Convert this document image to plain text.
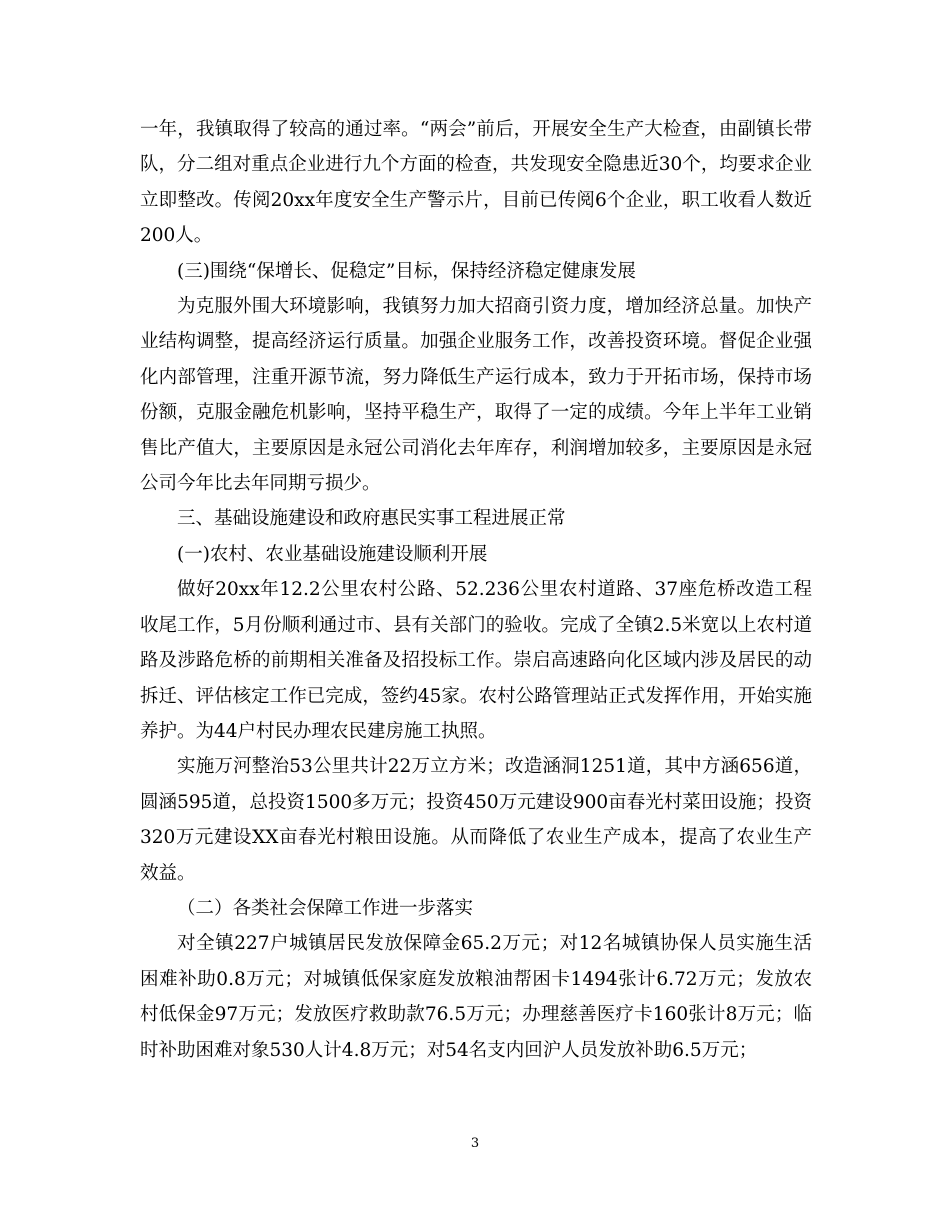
一年，我镇取得了较高的通过率。“两会”前后，开展安全生产大检查，由副镇长带队，分二组对重点企业进行九个方面的检查，共发现安全隐患近30个，均要求企业立即整改。传阅20xx年度安全生产警示片，目前已传阅6个企业，职工收看人数近200人。

(三)围绕“保增长、促稳定”目标，保持经济稳定健康发展

为克服外围大环境影响，我镇努力加大招商引资力度，增加经济总量。加快产业结构调整，提高经济运行质量。加强企业服务工作，改善投资环境。督促企业强化内部管理，注重开源节流，努力降低生产运行成本，致力于开拓市场，保持市场份额，克服金融危机影响，坚持平稳生产，取得了一定的成绩。今年上半年工业销售比产值大，主要原因是永冠公司消化去年库存，利润增加较多，主要原因是永冠公司今年比去年同期亏损少。

三、基础设施建设和政府惠民实事工程进展正常

(一)农村、农业基础设施建设顺利开展

做好20xx年12.2公里农村公路、52.236公里农村道路、37座危桥改造工程收尾工作，5月份顺利通过市、县有关部门的验收。完成了全镇2.5米宽以上农村道路及涉路危桥的前期相关准备及招投标工作。崇启高速路向化区域内涉及居民的动拆迁、评估核定工作已完成，签约45家。农村公路管理站正式发挥作用，开始实施养护。为44户村民办理农民建房施工执照。

实施万河整治53公里共计22万立方米；改造涵洞1251道，其中方涵656道，圆涵595道，总投资1500多万元；投资450万元建设900亩春光村菜田设施；投资320万元建设XX亩春光村粮田设施。从而降低了农业生产成本，提高了农业生产效益。

（二）各类社会保障工作进一步落实

对全镇227户城镇居民发放保障金65.2万元；对12名城镇协保人员实施生活困难补助0.8万元；对城镇低保家庭发放粮油帮困卡1494张计6.72万元；发放农村低保金97万元；发放医疗救助款76.5万元；办理慈善医疗卡160张计8万元；临时补助困难对象530人计4.8万元；对54名支内回沪人员发放补助6.5万元；

3
